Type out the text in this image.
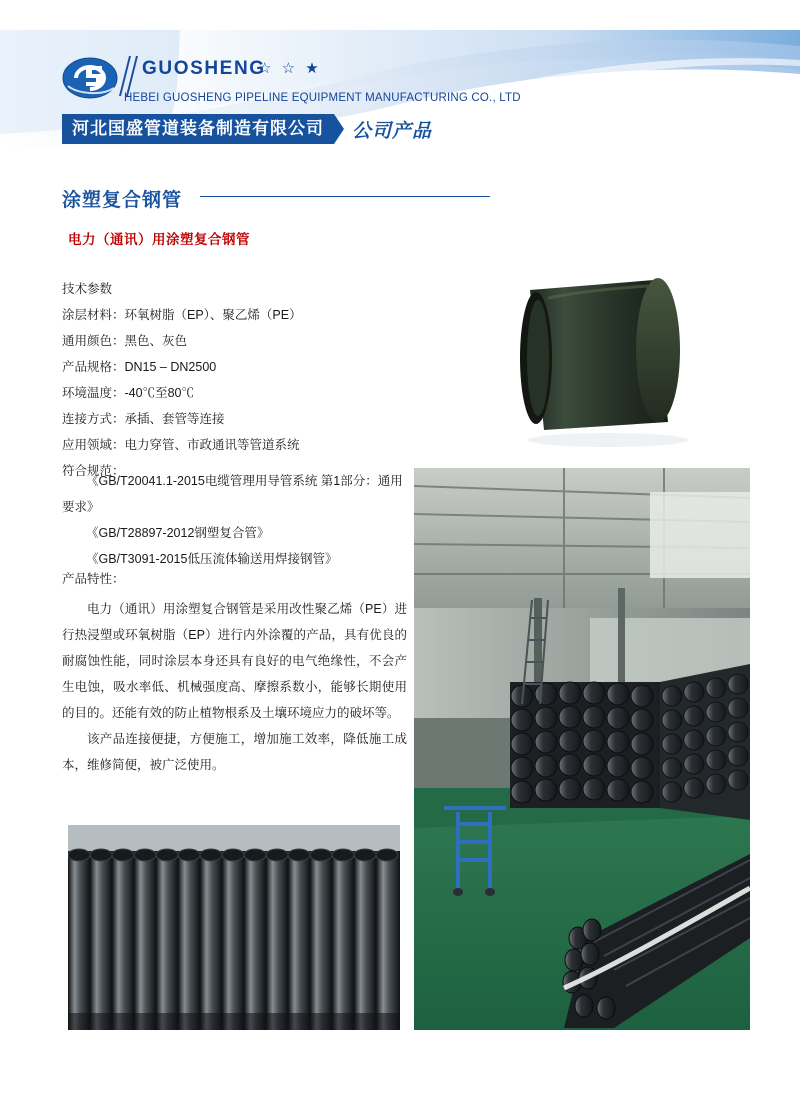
GUOSHENG
☆ ☆ ★
HEBEI GUOSHENG PIPELINE EQUIPMENT MANUFACTURING CO., LTD
河北国盛管道装备制造有限公司	公司产品
涂塑复合钢管
电力（通讯）用涂塑复合钢管
技术参数
涂层材料：环氧树脂（EP）、聚乙烯（PE）
通用颜色：黑色、灰色
产品规格：DN15 – DN2500
环境温度：-40℃至80℃
连接方式：承插、套管等连接
应用领域：电力穿管、市政通讯等管道系统
符合规范：
《GB/T20041.1-2015电缆管理用导管系统 第1部分：通用要求》
《GB/T28897-2012钢塑复合管》
《GB/T3091-2015低压流体输送用焊接钢管》
产品特性：

电力（通讯）用涂塑复合钢管是采用改性聚乙烯（PE）进行热浸塑或环氧树脂（EP）进行内外涂覆的产品，具有优良的耐腐蚀性能，同时涂层本身还具有良好的电气绝缘性，不会产生电蚀，吸水率低、机械强度高、摩擦系数小，能够长期使用的目的。还能有效的防止植物根系及土壤环境应力的破坏等。

该产品连接便捷，方便施工，增加施工效率，降低施工成本，维修简便，被广泛使用。
